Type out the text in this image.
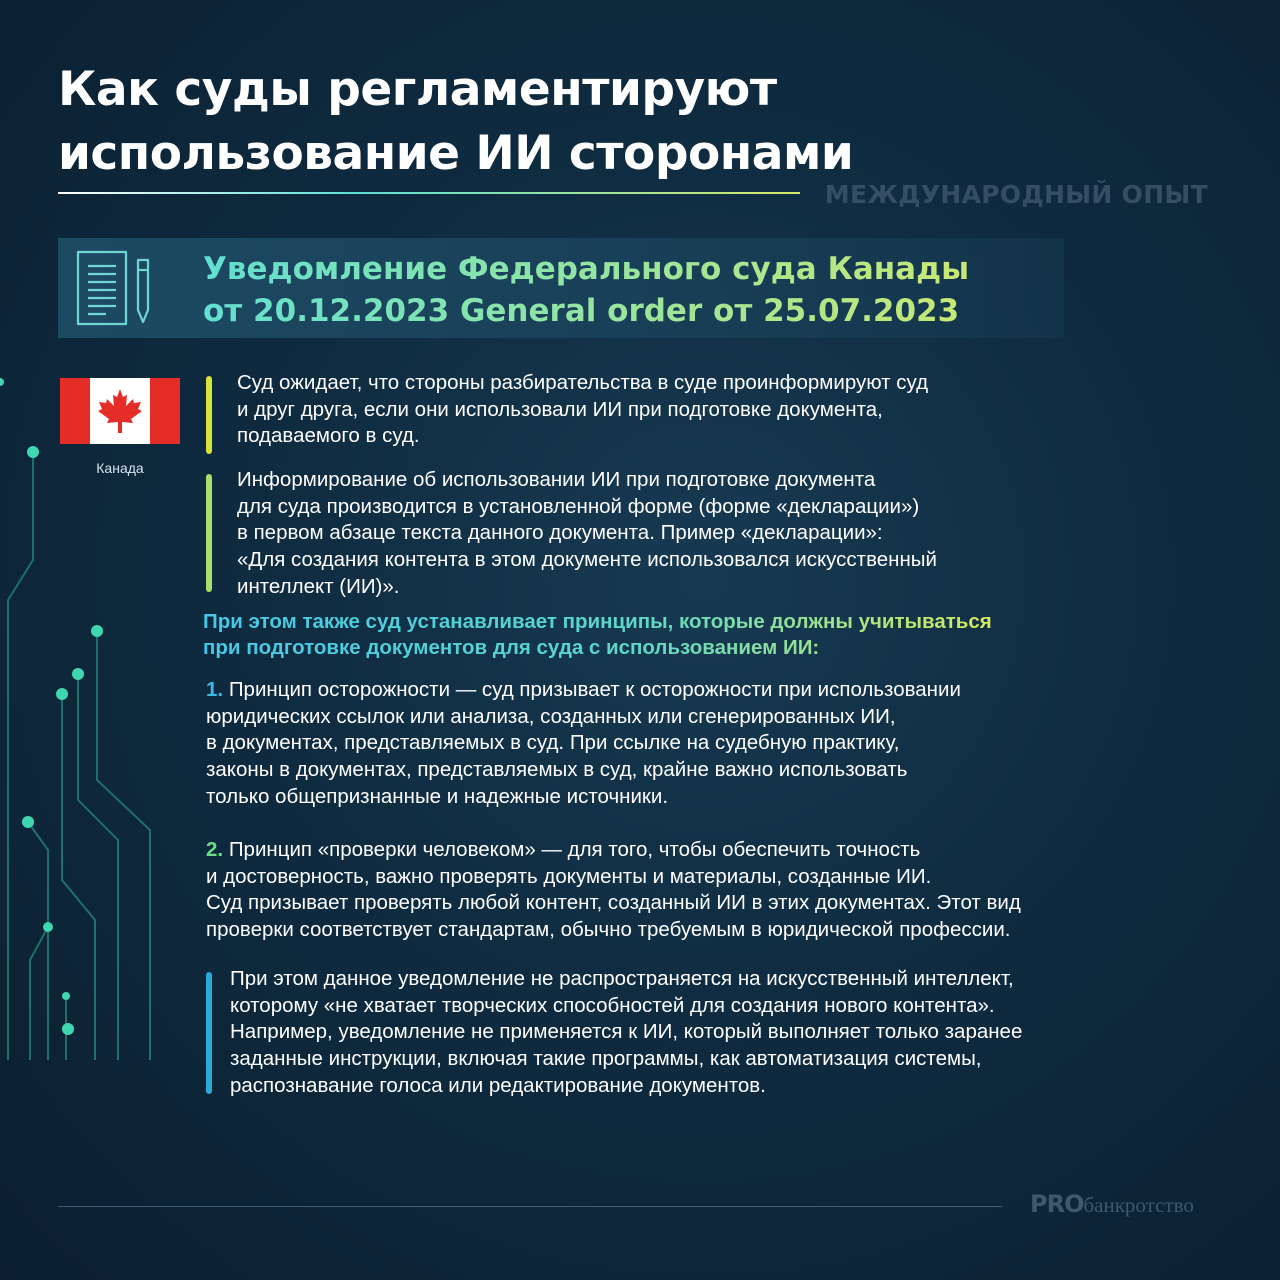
Как суды регламентируют
использование ИИ сторонами
МЕЖДУНАРОДНЫЙ ОПЫТ
Уведомление Федерального суда Канады
от 20.12.2023 General order от 25.07.2023
Канада

Суд ожидает, что стороны разбирательства в суде проинформируют суд
и друг друга, если они использовали ИИ при подготовке документа,
подаваемого в суд.

Информирование об использовании ИИ при подготовке документа
для суда производится в установленной форме (форме «декларации»)
в первом абзаце текста данного документа. Пример «декларации»:
«Для создания контента в этом документе использовался искусственный
интеллект (ИИ)».

При этом также суд устанавливает принципы, которые должны учитываться
при подготовке документов для суда с использованием ИИ:

1. Принцип осторожности — суд призывает к осторожности при использовании
юридических ссылок или анализа, созданных или сгенерированных ИИ,
в документах, представляемых в суд. При ссылке на судебную практику,
законы в документах, представляемых в суд, крайне важно использовать
только общепризнанные и надежные источники.

2. Принцип «проверки человеком» — для того, чтобы обеспечить точность
и достоверность, важно проверять документы и материалы, созданные ИИ.
Суд призывает проверять любой контент, созданный ИИ в этих документах. Этот вид
проверки соответствует стандартам, обычно требуемым в юридической профессии.

При этом данное уведомление не распространяется на искусственный интеллект,
которому «не хватает творческих способностей для создания нового контента».
Например, уведомление не применяется к ИИ, который выполняет только заранее
заданные инструкции, включая такие программы, как автоматизация системы,
распознавание голоса или редактирование документов.

PROбанкротство
